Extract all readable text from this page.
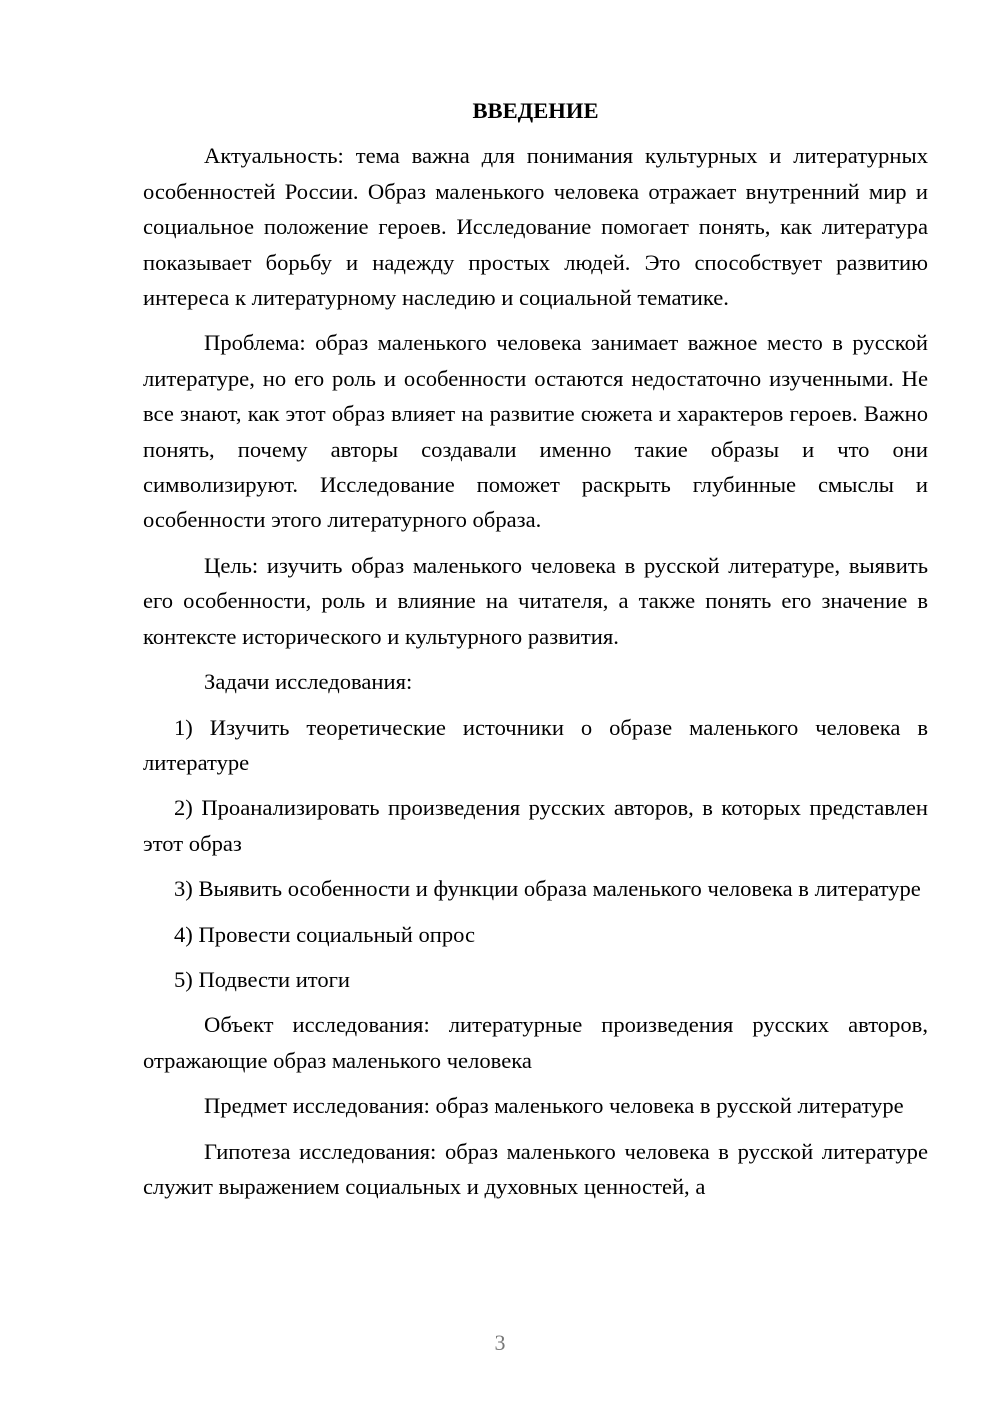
ВВЕДЕНИЕ

Актуальность: тема важна для понимания культурных и литературных особенностей России. Образ маленького человека отражает внутренний мир и социальное положение героев. Исследование помогает понять, как литература показывает борьбу и надежду простых людей. Это способствует развитию интереса к литературному наследию и социальной тематике.

Проблема: образ маленького человека занимает важное место в русской литературе, но его роль и особенности остаются недостаточно изученными. Не все знают, как этот образ влияет на развитие сюжета и характеров героев. Важно понять, почему авторы создавали именно такие образы и что они символизируют. Исследование поможет раскрыть глубинные смыслы и особенности этого литературного образа.

Цель: изучить образ маленького человека в русской литературе, выявить его особенности, роль и влияние на читателя, а также понять его значение в контексте исторического и культурного развития.

Задачи исследования:

1) Изучить теоретические источники о образе маленького человека в литературе

2) Проанализировать произведения русских авторов, в которых представлен этот образ

3) Выявить особенности и функции образа маленького человека в литературе

4) Провести социальный опрос

5) Подвести итоги

Объект исследования: литературные произведения русских авторов, отражающие образ маленького человека

Предмет исследования: образ маленького человека в русской литературе

Гипотеза исследования: образ маленького человека в русской литературе служит выражением социальных и духовных ценностей, а

3
